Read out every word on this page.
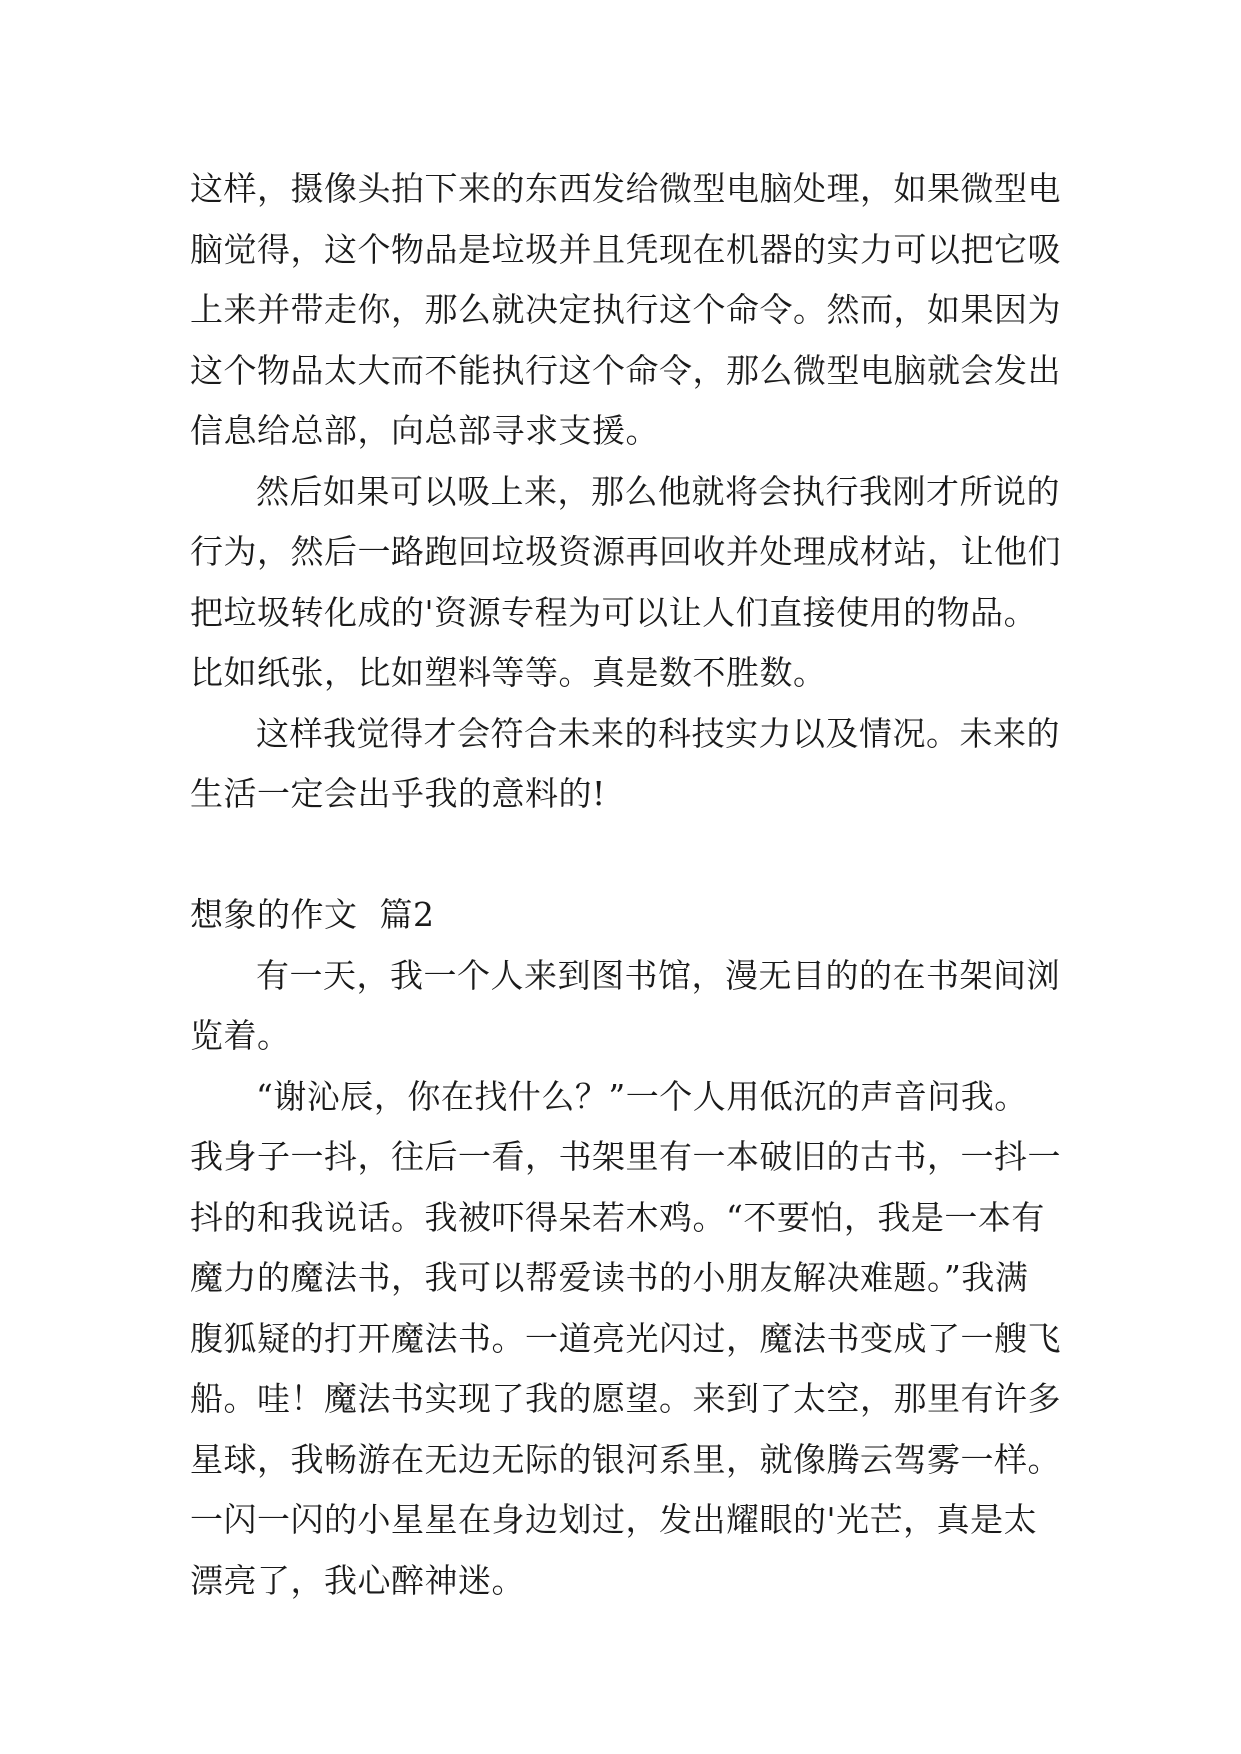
这样，摄像头拍下来的东西发给微型电脑处理，如果微型电
脑觉得，这个物品是垃圾并且凭现在机器的实力可以把它吸
上来并带走你，那么就决定执行这个命令。然而，如果因为
这个物品太大而不能执行这个命令，那么微型电脑就会发出
信息给总部，向总部寻求支援。
然后如果可以吸上来，那么他就将会执行我刚才所说的
行为，然后一路跑回垃圾资源再回收并处理成材站，让他们
把垃圾转化成的'资源专程为可以让人们直接使用的物品。
比如纸张，比如塑料等等。真是数不胜数。
这样我觉得才会符合未来的科技实力以及情况。未来的
生活一定会出乎我的意料的!
想象的作文  篇2
有一天，我一个人来到图书馆，漫无目的的在书架间浏
览着。
“谢沁辰，你在找什么？”一个人用低沉的声音问我。
我身子一抖，往后一看，书架里有一本破旧的古书，一抖一
抖的和我说话。我被吓得呆若木鸡。“不要怕，我是一本有
魔力的魔法书，我可以帮爱读书的小朋友解决难题。”我满
腹狐疑的打开魔法书。一道亮光闪过，魔法书变成了一艘飞
船。哇！魔法书实现了我的愿望。来到了太空，那里有许多
星球，我畅游在无边无际的银河系里，就像腾云驾雾一样。
一闪一闪的小星星在身边划过，发出耀眼的'光芒，真是太
漂亮了，我心醉神迷。
